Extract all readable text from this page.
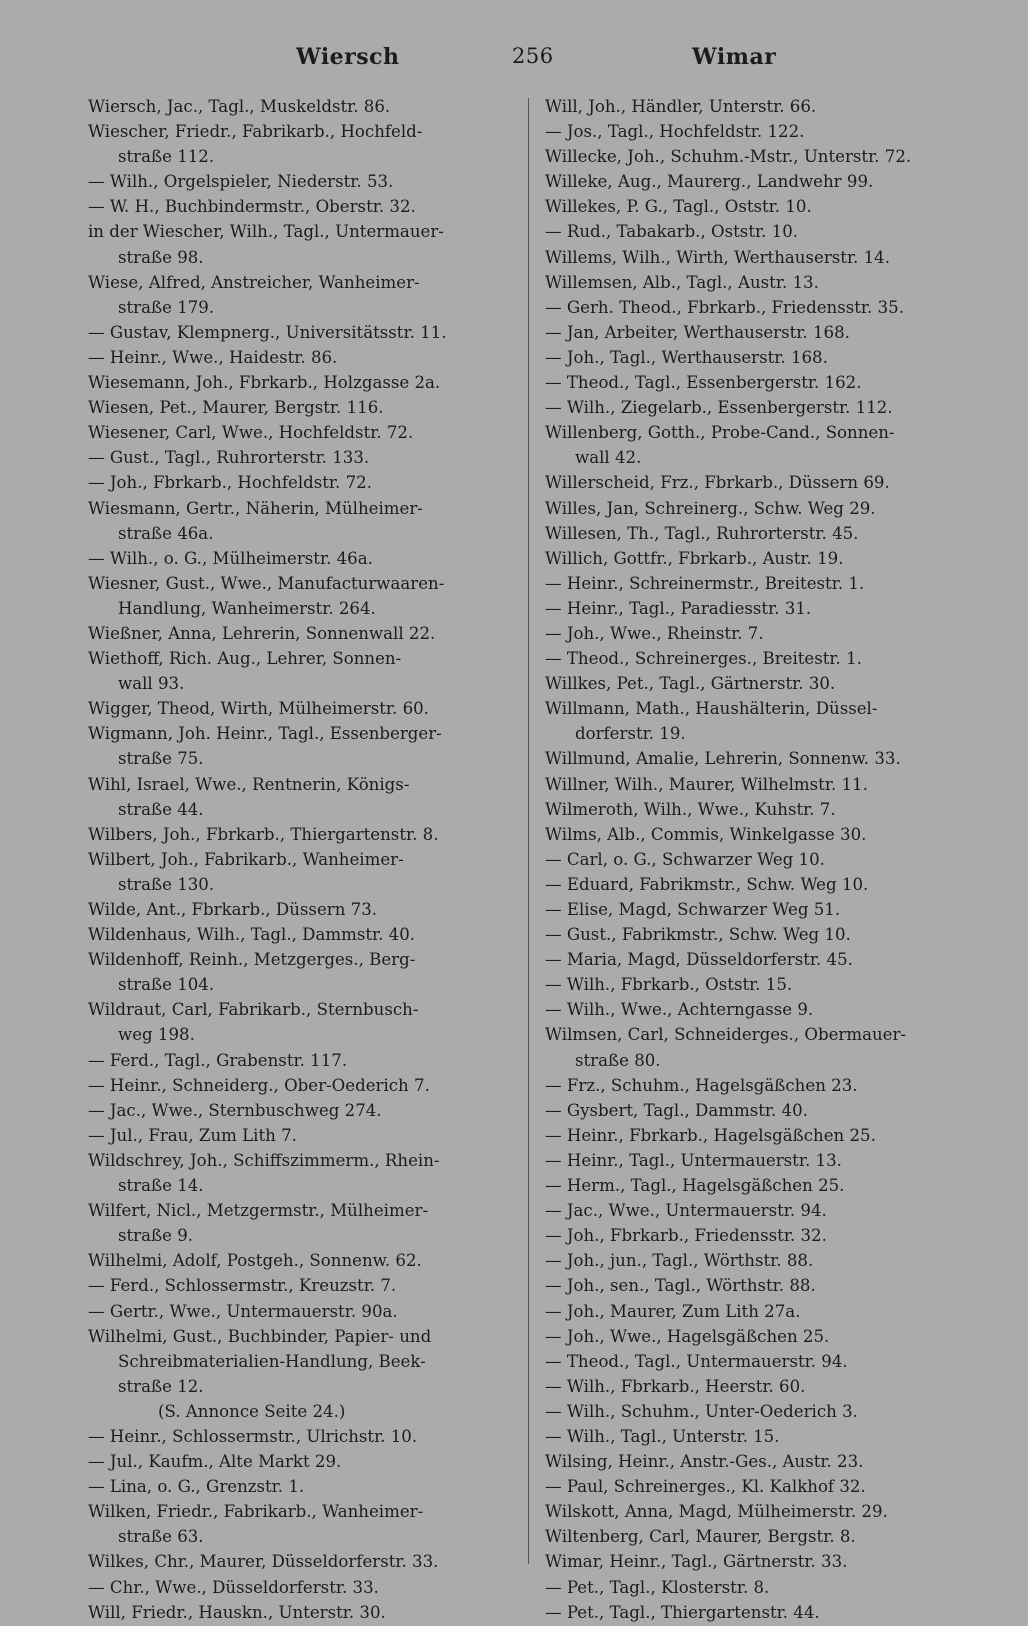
Wiersch	256	Wimar

Wiersch, Jac., Tagl., Muskeldstr. 86.

Wiescher, Friedr., Fabrikarb., Hochfeld-

straße 112.

— Wilh., Orgelspieler, Niederstr. 53.

— W. H., Buchbindermstr., Oberstr. 32.

in der Wiescher, Wilh., Tagl., Untermauer-

straße 98.

Wiese, Alfred, Anstreicher, Wanheimer-

straße 179.

— Gustav, Klempnerg., Universitätsstr. 11.

— Heinr., Wwe., Haidestr. 86.

Wiesemann, Joh., Fbrkarb., Holzgasse 2a.

Wiesen, Pet., Maurer, Bergstr. 116.

Wiesener, Carl, Wwe., Hochfeldstr. 72.

— Gust., Tagl., Ruhrorterstr. 133.

— Joh., Fbrkarb., Hochfeldstr. 72.

Wiesmann, Gertr., Näherin, Mülheimer-

straße 46a.

— Wilh., o. G., Mülheimerstr. 46a.

Wiesner, Gust., Wwe., Manufacturwaaren-

Handlung, Wanheimerstr. 264.

Wießner, Anna, Lehrerin, Sonnenwall 22.

Wiethoff, Rich. Aug., Lehrer, Sonnen-

wall 93.

Wigger, Theod, Wirth, Mülheimerstr. 60.

Wigmann, Joh. Heinr., Tagl., Essenberger-

straße 75.

Wihl, Israel, Wwe., Rentnerin, Königs-

straße 44.

Wilbers, Joh., Fbrkarb., Thiergartenstr. 8.

Wilbert, Joh., Fabrikarb., Wanheimer-

straße 130.

Wilde, Ant., Fbrkarb., Düssern 73.

Wildenhaus, Wilh., Tagl., Dammstr. 40.

Wildenhoff, Reinh., Metzgerges., Berg-

straße 104.

Wildraut, Carl, Fabrikarb., Sternbusch-

weg 198.

— Ferd., Tagl., Grabenstr. 117.

— Heinr., Schneiderg., Ober-Oederich 7.

— Jac., Wwe., Sternbuschweg 274.

— Jul., Frau, Zum Lith 7.

Wildschrey, Joh., Schiffszimmerm., Rhein-

straße 14.

Wilfert, Nicl., Metzgermstr., Mülheimer-

straße 9.

Wilhelmi, Adolf, Postgeh., Sonnenw. 62.

— Ferd., Schlossermstr., Kreuzstr. 7.

— Gertr., Wwe., Untermauerstr. 90a.

Wilhelmi, Gust., Buchbinder, Papier- und

Schreibmaterialien-Handlung, Beek-

straße 12.

(S. Annonce Seite 24.)

— Heinr., Schlossermstr., Ulrichstr. 10.

— Jul., Kaufm., Alte Markt 29.

— Lina, o. G., Grenzstr. 1.

Wilken, Friedr., Fabrikarb., Wanheimer-

straße 63.

Wilkes, Chr., Maurer, Düsseldorferstr. 33.

— Chr., Wwe., Düsseldorferstr. 33.

Will, Friedr., Hauskn., Unterstr. 30.

Will, Joh., Händler, Unterstr. 66.

— Jos., Tagl., Hochfeldstr. 122.

Willecke, Joh., Schuhm.-Mstr., Unterstr. 72.

Willeke, Aug., Maurerg., Landwehr 99.

Willekes, P. G., Tagl., Oststr. 10.

— Rud., Tabakarb., Oststr. 10.

Willems, Wilh., Wirth, Werthauserstr. 14.

Willemsen, Alb., Tagl., Austr. 13.

— Gerh. Theod., Fbrkarb., Friedensstr. 35.

— Jan, Arbeiter, Werthauserstr. 168.

— Joh., Tagl., Werthauserstr. 168.

— Theod., Tagl., Essenbergerstr. 162.

— Wilh., Ziegelarb., Essenbergerstr. 112.

Willenberg, Gotth., Probe-Cand., Sonnen-

wall 42.

Willerscheid, Frz., Fbrkarb., Düssern 69.

Willes, Jan, Schreinerg., Schw. Weg 29.

Willesen, Th., Tagl., Ruhrorterstr. 45.

Willich, Gottfr., Fbrkarb., Austr. 19.

— Heinr., Schreinermstr., Breitestr. 1.

— Heinr., Tagl., Paradiesstr. 31.

— Joh., Wwe., Rheinstr. 7.

— Theod., Schreinerges., Breitestr. 1.

Willkes, Pet., Tagl., Gärtnerstr. 30.

Willmann, Math., Haushälterin, Düssel-

dorferstr. 19.

Willmund, Amalie, Lehrerin, Sonnenw. 33.

Willner, Wilh., Maurer, Wilhelmstr. 11.

Wilmeroth, Wilh., Wwe., Kuhstr. 7.

Wilms, Alb., Commis, Winkelgasse 30.

— Carl, o. G., Schwarzer Weg 10.

— Eduard, Fabrikmstr., Schw. Weg 10.

— Elise, Magd, Schwarzer Weg 51.

— Gust., Fabrikmstr., Schw. Weg 10.

— Maria, Magd, Düsseldorferstr. 45.

— Wilh., Fbrkarb., Oststr. 15.

— Wilh., Wwe., Achterngasse 9.

Wilmsen, Carl, Schneiderges., Obermauer-

straße 80.

— Frz., Schuhm., Hagelsgäßchen 23.

— Gysbert, Tagl., Dammstr. 40.

— Heinr., Fbrkarb., Hagelsgäßchen 25.

— Heinr., Tagl., Untermauerstr. 13.

— Herm., Tagl., Hagelsgäßchen 25.

— Jac., Wwe., Untermauerstr. 94.

— Joh., Fbrkarb., Friedensstr. 32.

— Joh., jun., Tagl., Wörthstr. 88.

— Joh., sen., Tagl., Wörthstr. 88.

— Joh., Maurer, Zum Lith 27a.

— Joh., Wwe., Hagelsgäßchen 25.

— Theod., Tagl., Untermauerstr. 94.

— Wilh., Fbrkarb., Heerstr. 60.

— Wilh., Schuhm., Unter-Oederich 3.

— Wilh., Tagl., Unterstr. 15.

Wilsing, Heinr., Anstr.-Ges., Austr. 23.

— Paul, Schreinerges., Kl. Kalkhof 32.

Wilskott, Anna, Magd, Mülheimerstr. 29.

Wiltenberg, Carl, Maurer, Bergstr. 8.

Wimar, Heinr., Tagl., Gärtnerstr. 33.

— Pet., Tagl., Klosterstr. 8.

— Pet., Tagl., Thiergartenstr. 44.
